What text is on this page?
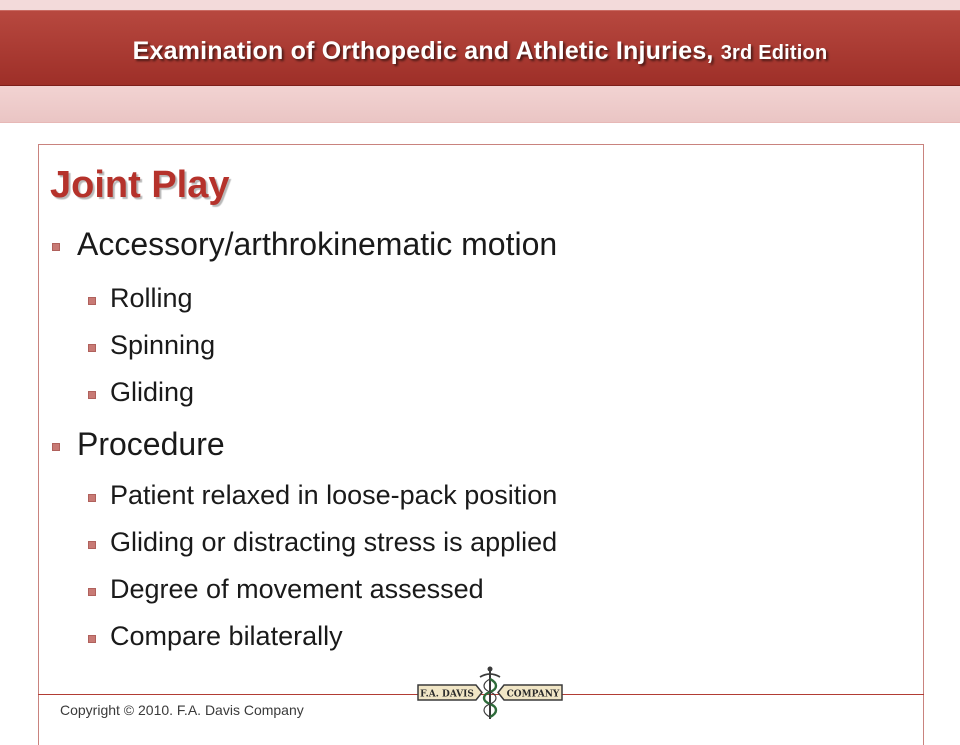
Examination of Orthopedic and Athletic Injuries, 3rd Edition
Joint Play
Accessory/arthrokinematic motion
Rolling
Spinning
Gliding
Procedure
Patient relaxed in loose-pack position
Gliding or distracting stress is applied
Degree of movement assessed
Compare bilaterally
Copyright © 2010. F.A. Davis Company
F.A. DAVIS	COMPANY
